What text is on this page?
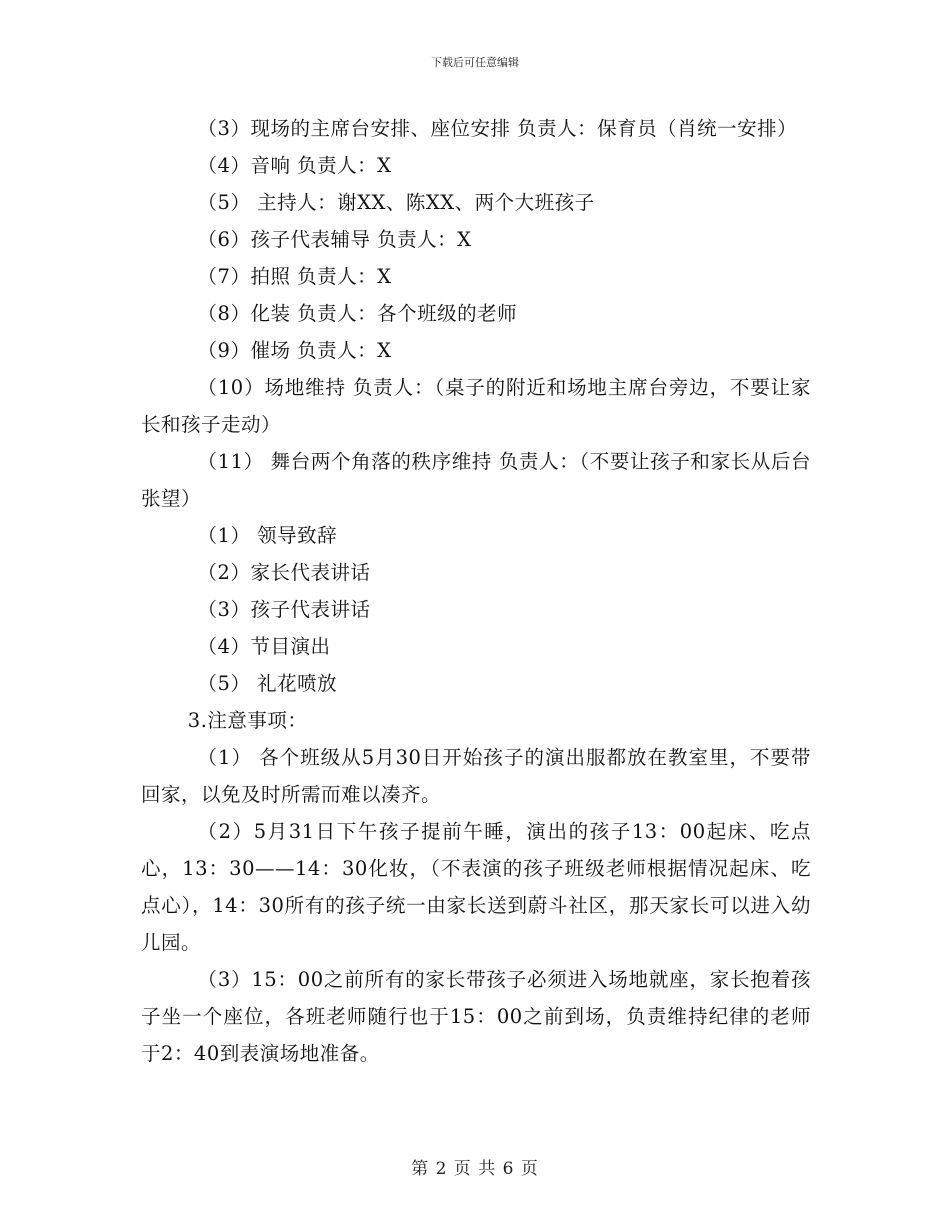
下载后可任意编辑

（3）现场的主席台安排、座位安排 负责人：保育员（肖统一安排）

（4）音响 负责人：X

（5） 主持人：谢XX、陈XX、两个大班孩子

（6）孩子代表辅导 负责人：X

（7）拍照 负责人：X

（8）化装 负责人：各个班级的老师

（9）催场 负责人：X

（10）场地维持 负责人：（桌子的附近和场地主席台旁边，不要让家长和孩子走动）

（11） 舞台两个角落的秩序维持 负责人：（不要让孩子和家长从后台张望）

（1） 领导致辞

（2）家长代表讲话

（3）孩子代表讲话

（4）节目演出

（5） 礼花喷放

3.注意事项：

（1） 各个班级从5月30日开始孩子的演出服都放在教室里，不要带回家，以免及时所需而难以凑齐。

（2）5月31日下午孩子提前午睡，演出的孩子13：00起床、吃点心，13：30——14：30化妆，（不表演的孩子班级老师根据情况起床、吃点心），14：30所有的孩子统一由家长送到蔚斗社区，那天家长可以进入幼儿园。

（3）15：00之前所有的家长带孩子必须进入场地就座，家长抱着孩子坐一个座位，各班老师随行也于15：00之前到场，负责维持纪律的老师于2：40到表演场地准备。

第 2 页 共 6 页
